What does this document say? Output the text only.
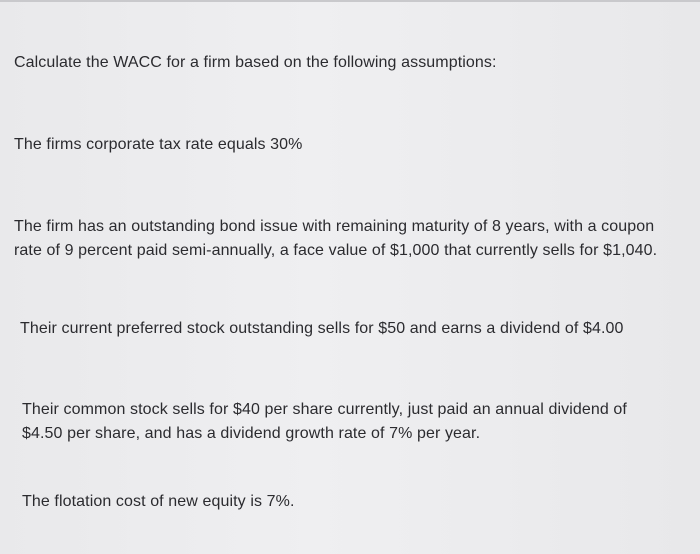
Calculate the WACC for a firm based on the following assumptions:

The firms corporate tax rate equals 30%

The firm has an outstanding bond issue with remaining maturity of 8 years, with a coupon
rate of 9 percent paid semi-annually, a face value of $1,000 that currently sells for $1,040.

Their current preferred stock outstanding sells for $50 and earns a dividend of $4.00

Their common stock sells for $40 per share currently, just paid an annual dividend of
$4.50 per share, and has a dividend growth rate of 7% per year.

The flotation cost of new equity is 7%.
